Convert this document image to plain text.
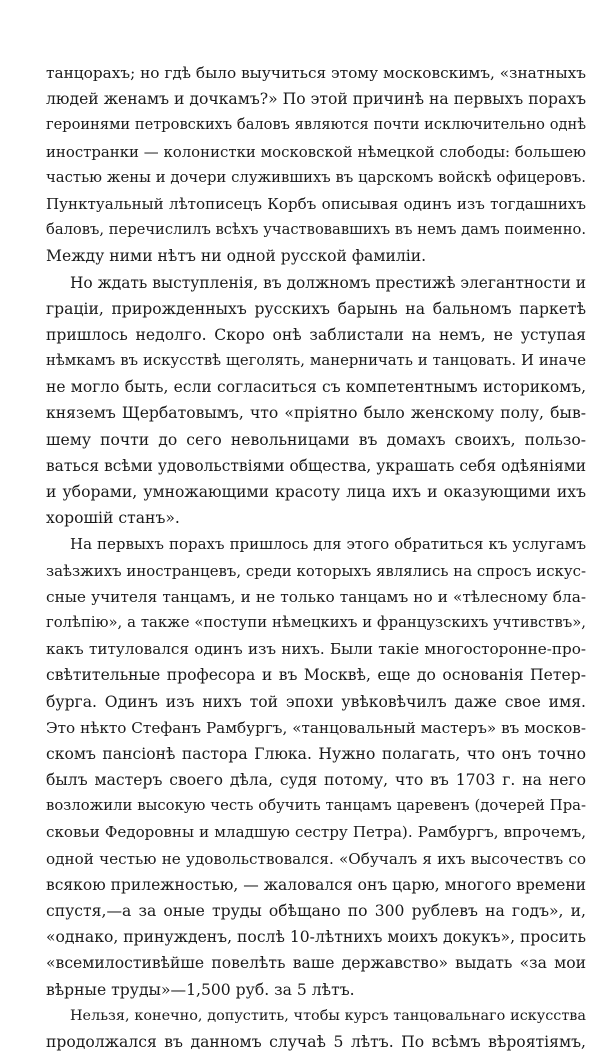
танцорахъ; но гдѣ было выучиться этому московскимъ, «знатныхъ
людей женамъ и дочкамъ?» По этой причинѣ на первыхъ порахъ
героинями петровскихъ баловъ являются почти исключительно однѣ
иностранки — колонистки московской нѣмецкой слободы: большею
частью жены и дочери служившихъ въ царскомъ войскѣ офицеровъ.
Пунктуальный лѣтописецъ Корбъ описывая одинъ изъ тогдашнихъ
баловъ, перечислилъ всѣхъ участвовавшихъ въ немъ дамъ поименно.
Между ними нѣтъ ни одной русской фамиліи.
Но ждать выступленія, въ должномъ престижѣ элегантности и
граціи, прирожденныхъ русскихъ барынь на бальномъ паркетѣ
пришлось недолго. Скоро онѣ заблистали на немъ, не уступая
нѣмкамъ въ искусствѣ щеголять, манерничать и танцовать. И иначе
не могло быть, если согласиться съ компетентнымъ историкомъ,
княземъ Щербатовымъ, что «пріятно было женскому полу, быв-
шему почти до сего невольницами въ домахъ своихъ, пользо-
ваться всѣми удовольствіями общества, украшать себя одѣяніями
и уборами, умножающими красоту лица ихъ и оказующими ихъ
хорошій станъ».
На первыхъ порахъ пришлось для этого обратиться къ услугамъ
заѣзжихъ иностранцевъ, среди которыхъ являлись на спросъ искус-
сные учителя танцамъ, и не только танцамъ но и «тѣлесному бла-
голѣпію», а также «поступи нѣмецкихъ и французскихъ учтивствъ»,
какъ титуловался одинъ изъ нихъ. Были такіе многосторонне-про-
свѣтительные професора и въ Москвѣ, еще до основанія Петер-
бурга. Одинъ изъ нихъ той эпохи увѣковѣчилъ даже свое имя.
Это нѣкто Стефанъ Рамбургъ, «танцовальный мастеръ» въ москов-
скомъ пансіонѣ пастора Глюка. Нужно полагать, что онъ точно
былъ мастеръ своего дѣла, судя потому, что въ 1703 г. на него
возложили высокую честь обучить танцамъ царевенъ (дочерей Пра-
сковьи Федоровны и младшую сестру Петра). Рамбургъ, впрочемъ,
одной честью не удовольствовался. «Обучалъ я ихъ высочествъ со
всякою прилежностью, — жаловался онъ царю, многого времени
спустя,—а за оные труды обѣщано по 300 рублевъ на годъ», и,
«однако, принужденъ, послѣ 10-лѣтнихъ моихъ докукъ», просить
«всемилостивѣйше повелѣть ваше державство» выдать «за мои
вѣрные труды»—1,500 руб. за 5 лѣтъ.
Нельзя, конечно, допустить, чтобы курсъ танцовальнаго искусства
продолжался въ данномъ случаѣ 5 лѣтъ. По всѣмъ вѣроятіямъ,
